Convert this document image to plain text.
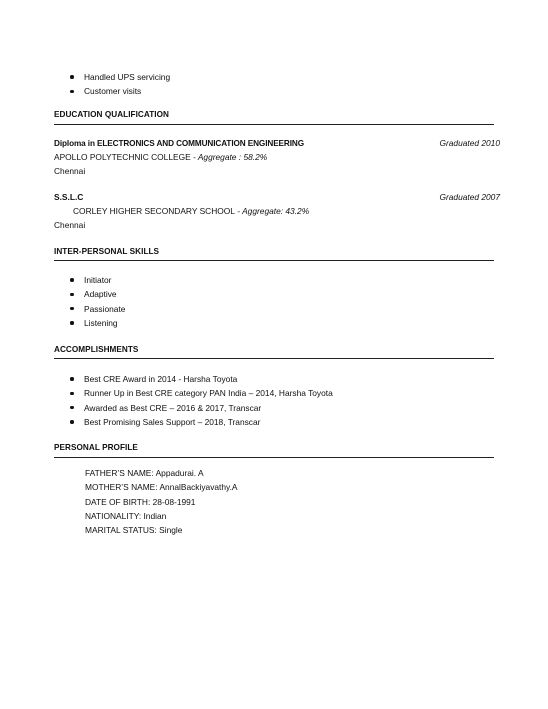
Handled UPS servicing
Customer visits
EDUCATION QUALIFICATION
Diploma in ELECTRONICS AND COMMUNICATION ENGINEERING	Graduated 2010
APOLLO POLYTECHNIC COLLEGE - Aggregate : 58.2%
Chennai
S.S.L.C	Graduated 2007
CORLEY HIGHER SECONDARY SCHOOL - Aggregate: 43.2%
Chennai
INTER-PERSONAL SKILLS
Initiator
Adaptive
Passionate
Listening
ACCOMPLISHMENTS
Best CRE Award in 2014 - Harsha Toyota
Runner Up in Best CRE category PAN India – 2014, Harsha Toyota
Awarded as Best CRE – 2016 & 2017, Transcar
Best Promising Sales Support – 2018, Transcar
PERSONAL PROFILE
FATHER’S NAME: Appadurai. A
MOTHER’S NAME: AnnalBackiyavathy.A
DATE OF BIRTH: 28-08-1991
NATIONALITY: Indian
MARITAL STATUS: Single
